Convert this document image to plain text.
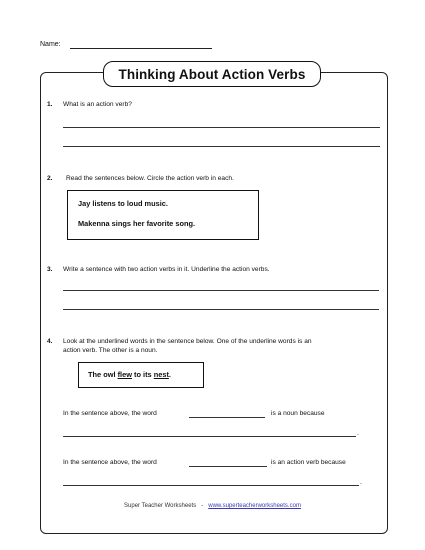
Name:
Thinking About Action Verbs
1. What is an action verb?
2. Read the sentences below. Circle the action verb in each.
Jay listens to loud music.
Makenna sings her favorite song.
3. Write a sentence with two action verbs in it. Underline the action verbs.
4. Look at the underlined words in the sentence below. One of the underline words is an
action verb. The other is a noun.
The owl flew to its nest.
In the sentence above, the word	is a noun because
.
In the sentence above, the word	is an action verb because
.
Super Teacher Worksheets - www.superteacherworksheets.com
